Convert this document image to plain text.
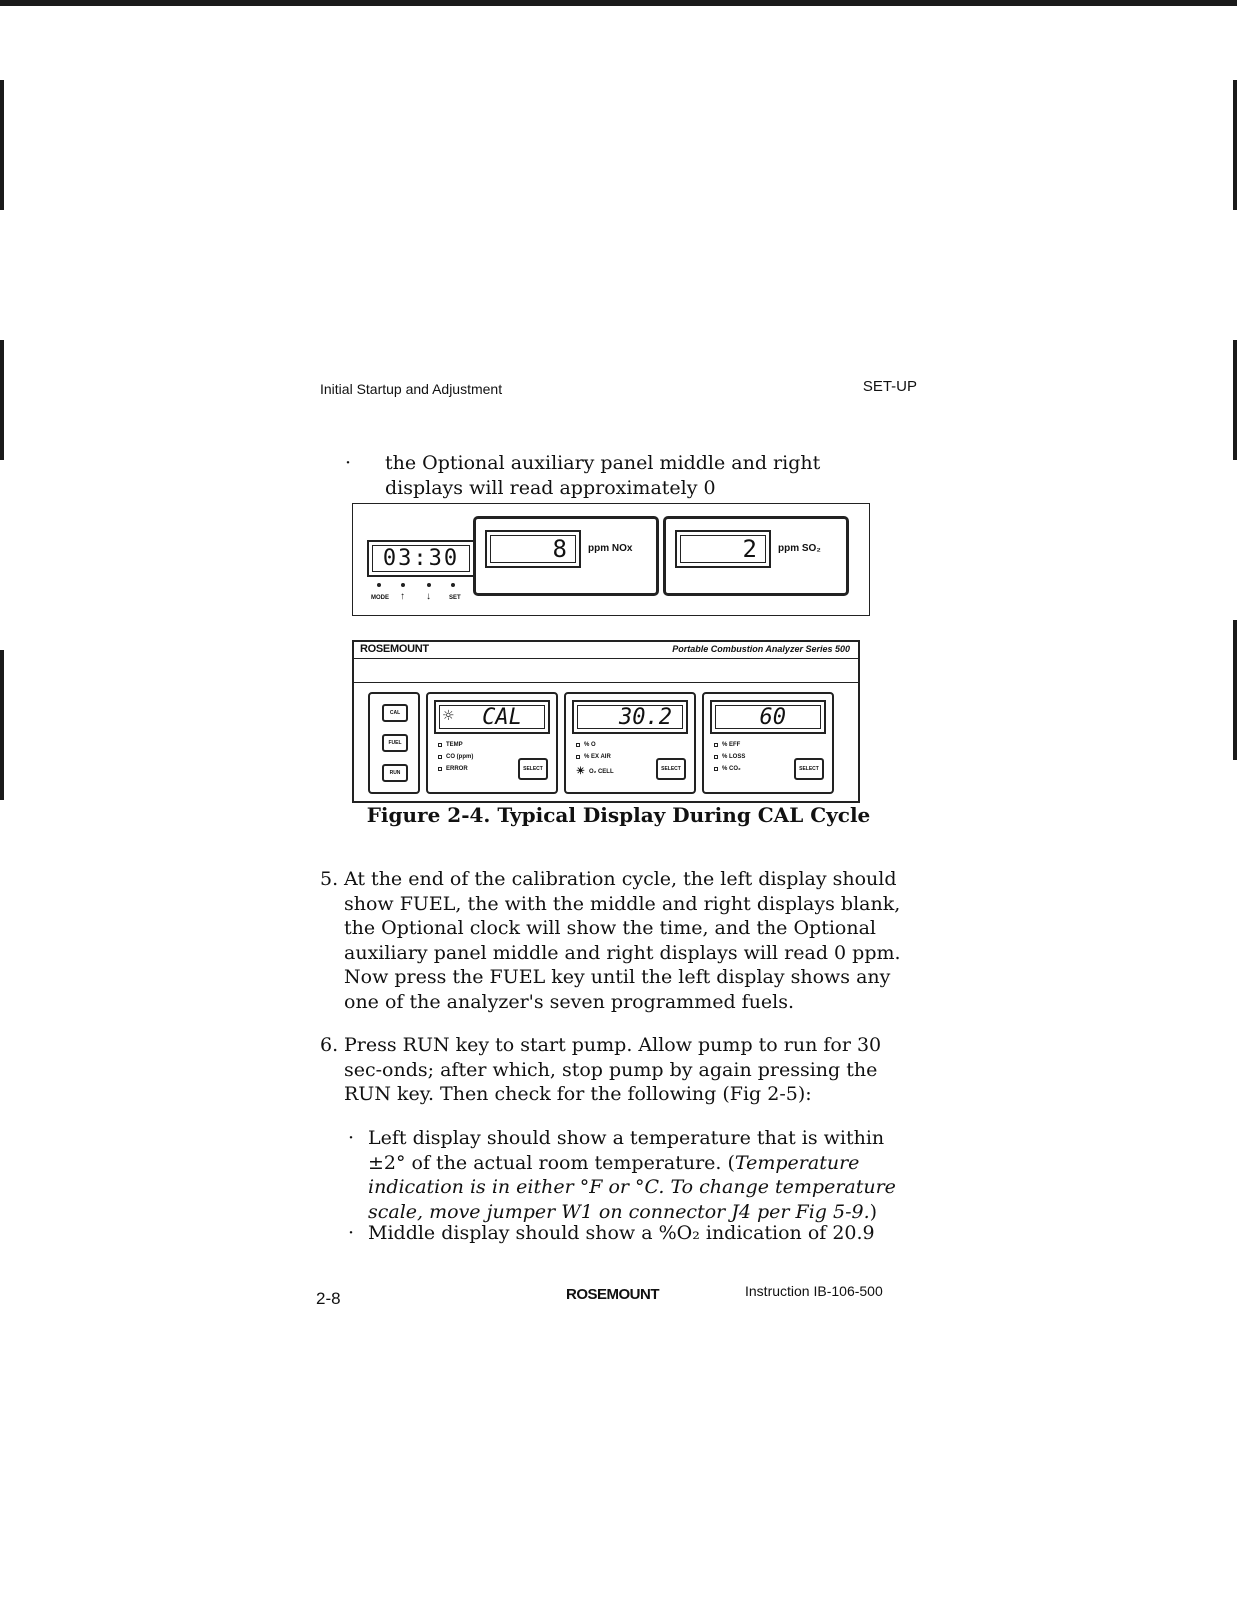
Initial Startup and Adjustment	SET-UP
· the Optional auxiliary panel middle and right displays will read approximately 0
03:30
MODE ↑ ↓	SET
8	ppm NOx	2	ppm SO₂
ROSEMOUNT	Portable Combustion Analyzer Series 500
CAL
FUEL
RUN
☼	CAL
TEMP
CO (ppm)
ERROR	SELECT
30.2
% O
% EX AIR
☀ O₂ CELL	SELECT
60
% EFF
% LOSS
% CO₂	SELECT
Figure 2-4. Typical Display During CAL Cycle
5. At the end of the calibration cycle, the left display should show FUEL, the with the middle and right displays blank, the Optional clock will show the time, and the Optional auxiliary panel middle and right displays will read 0 ppm. Now press the FUEL key until the left display shows any one of the analyzer's seven programmed fuels.
6. Press RUN key to start pump. Allow pump to run for 30 sec-onds; after which, stop pump by again pressing the RUN key. Then check for the following (Fig 2-5):
· Left display should show a temperature that is within ±2° of the actual room temperature. (Temperature indication is in either °F or °C. To change temperature scale, move jumper W1 on connector J4 per Fig 5-9.)
· Middle display should show a %O₂ indication of 20.9
2-8	ROSEMOUNT	Instruction IB-106-500
